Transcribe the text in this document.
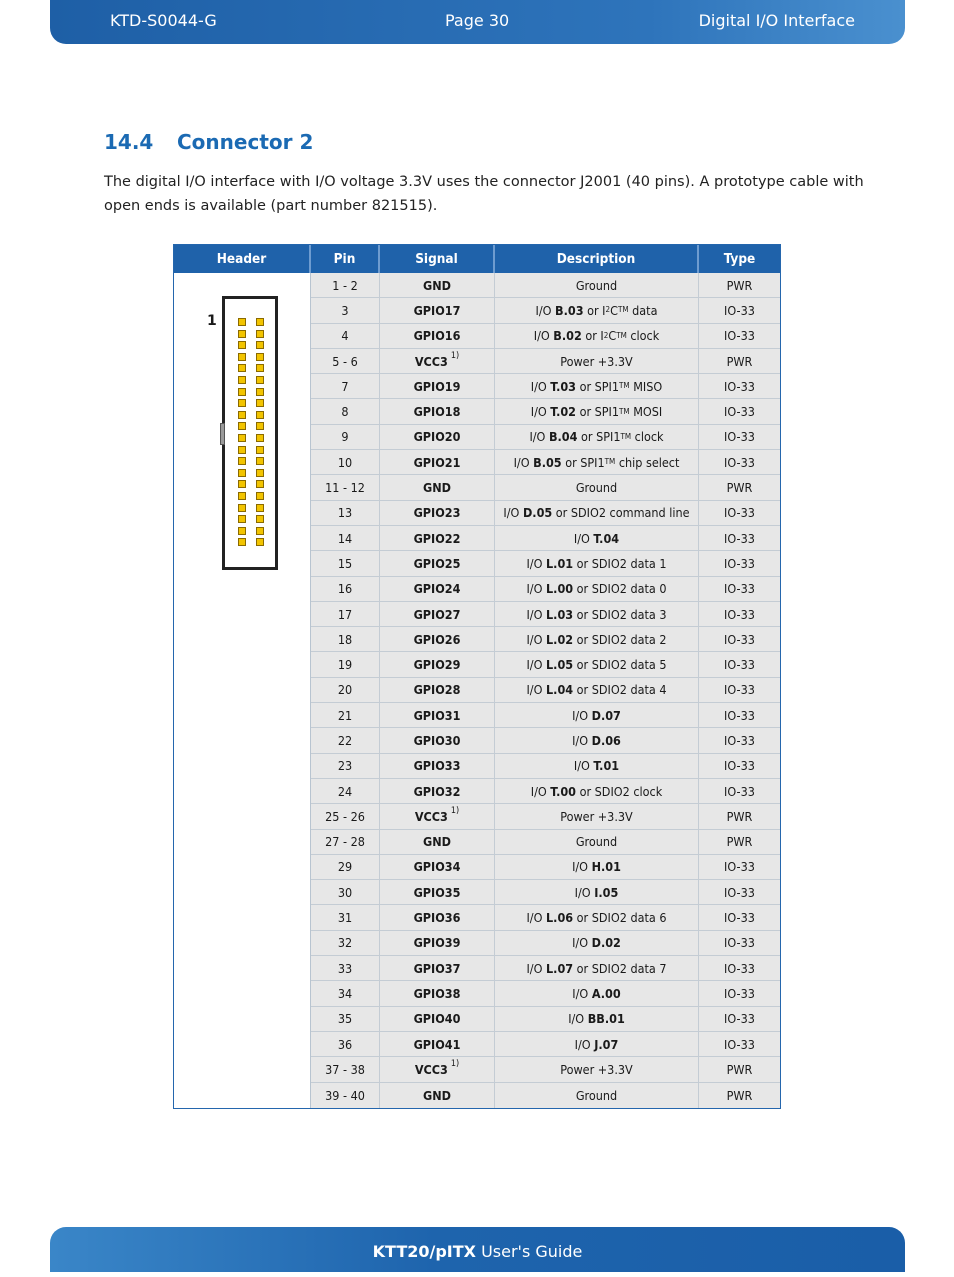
KTD-S0044-G	Page 30	Digital I/O Interface
14.4 Connector 2

The digital I/O interface with I/O voltage 3.3V uses the connector J2001 (40 pins). A prototype cable with open ends is available (part number 821515).

Header	Pin	Signal	Description	Type
1
1 - 2	GND	Ground	PWR
3	GPIO17	I/O B.03 or I 2 C TM data	IO-33
4	GPIO16	I/O B.02 or I 2 C TM clock	IO-33
5 - 6	VCC3 1)	Power +3.3V	PWR
7	GPIO19	I/O T.03 or SPI1 TM MISO	IO-33
8	GPIO18	I/O T.02 or SPI1 TM MOSI	IO-33
9	GPIO20	I/O B.04 or SPI1 TM clock	IO-33
10	GPIO21	I/O B.05 or SPI1 TM chip select	IO-33
11 - 12	GND	Ground	PWR
13	GPIO23	I/O D.05 or SDIO2 command line	IO-33
14	GPIO22	I/O T.04	IO-33
15	GPIO25	I/O L.01 or SDIO2 data 1	IO-33
16	GPIO24	I/O L.00 or SDIO2 data 0	IO-33
17	GPIO27	I/O L.03 or SDIO2 data 3	IO-33
18	GPIO26	I/O L.02 or SDIO2 data 2	IO-33
19	GPIO29	I/O L.05 or SDIO2 data 5	IO-33
20	GPIO28	I/O L.04 or SDIO2 data 4	IO-33
21	GPIO31	I/O D.07	IO-33
22	GPIO30	I/O D.06	IO-33
23	GPIO33	I/O T.01	IO-33
24	GPIO32	I/O T.00 or SDIO2 clock	IO-33
25 - 26	VCC3 1)	Power +3.3V	PWR
27 - 28	GND	Ground	PWR
29	GPIO34	I/O H.01	IO-33
30	GPIO35	I/O I.05	IO-33
31	GPIO36	I/O L.06 or SDIO2 data 6	IO-33
32	GPIO39	I/O D.02	IO-33
33	GPIO37	I/O L.07 or SDIO2 data 7	IO-33
34	GPIO38	I/O A.00	IO-33
35	GPIO40	I/O BB.01	IO-33
36	GPIO41	I/O J.07	IO-33
37 - 38	VCC3 1)	Power +3.3V	PWR
39 - 40	GND	Ground	PWR
KTT20/pITX User's Guide
